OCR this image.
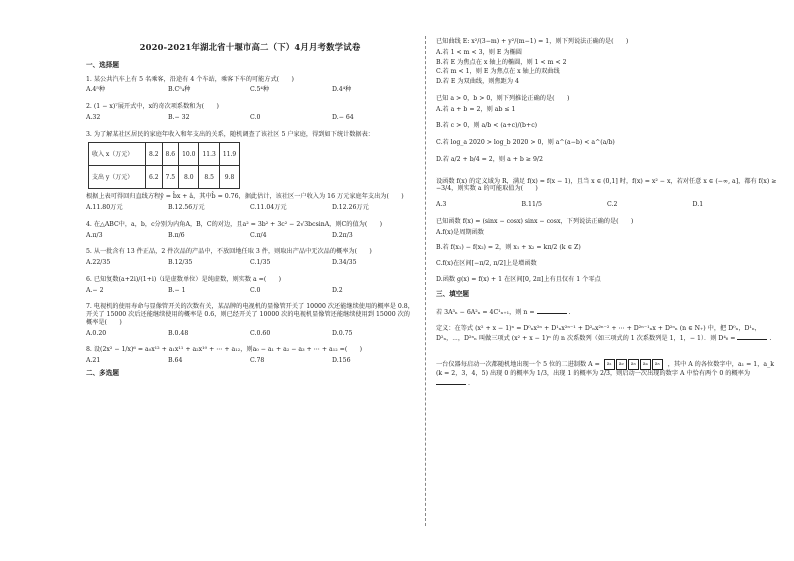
2020-2021年湖北省十堰市高二（下）4月月考数学试卷
一、选择题
1. 某公共汽车上有 5 名乘客，沿途有 4 个车站，乘客下车的可能方式(　　)
A.4⁵种	B.C⁵₄种	C.5⁴种	D.4⁴种
2. (1 − x)⁷展开式中，x的奇次项系数和为(　　)
A.32	B.− 32	C.0	D.− 64
3. 为了解某社区居民的家庭年收入和年支出的关系，随机调查了该社区 5 户家庭，得到如下统计数据表：
收入 x（万元）	8.2	8.6	10.0	11.3	11.9
支出 y（万元）	6.2	7.5	8.0	8.5	9.8
根据上表可得回归直线方程ŷ = b̂x + â，其中b̂ = 0.76，据此估计，该社区一户收入为 16 万元家庭年支出为(　　)
A.11.80万元	B.12.56万元	C.11.04万元	D.12.26万元
4. 在△ABC中，a，b，c分别为内角A，B，C的对边，且a² = 3b² + 3c² − 2√3bcsinA，则C的值为(　　)
A.π/3	B.π/6	C.π/4	D.2π/3
5. 从一批含有 13 件正品，2 件次品的产品中，不放回地任取 3 件，则取出产品中无次品的概率为(　　)
A.22/35	B.12/35	C.1/35	D.34/35
6. 已知复数(a+2i)/(1+i)（i是虚数单位）是纯虚数，则实数 a =(　　)
A.− 2	B.− 1	C.0	D.2
7. 电视机的使用寿命与显像管开关的次数有关，某品牌的电视机的显像管开关了 10000 次还能继续使用的概率是 0.8，开关了 15000 次后还能继续使用的概率是 0.6，则已经开关了 10000 次的电视机显像管还能继续使用到 15000 次的概率是(　　)
A.0.20	B.0.48	C.0.60	D.0.75
8. 设(2x² − 1/x)⁶ = a₀x¹² + a₁x¹¹ + a₂x¹⁰ + ⋯ + a₁₂，则a₀ − a₁ + a₂ − a₃ + ⋯ + a₁₂ =(　　)
A.21	B.64	C.78	D.156
二、多选题
已知曲线 E: x²/(3−m) + y²/(m−1) = 1，则下列说法正确的是(　　)
A.若 1 < m < 3，则 E 为椭圆
B.若 E 为焦点在 x 轴上的椭圆，则 1 < m < 2
C.若 m < 1，则 E 为焦点在 x 轴上的双曲线
D.若 E 为双曲线，则焦距为 4
已知 a > 0，b > 0，则下列推论正确的是(　　)
A.若 a + b = 2，则 ab ≤ 1
B.若 c > 0，则 a/b < (a+c)/(b+c)
C.若 log_a 2020 > log_b 2020 > 0，则 a^(a−b) < a^(a/b)
D.若 a/2 + b/4 = 2，则 a + b ≥ 9/2
设函数 f(x) 的定义域为 R，满足 f(x) = f(x − 1)，且当 x ∈ (0,1] 时，f(x) = x² − x，若对任意 x ∈ (−∞, a]，都有 f(x) ≥ −3/4，则实数 a 的可能取值为(　　)
A.3	B.11/5	C.2	D.1
已知函数 f(x) = (sinx − cosx) sinx − cosx，下列说法正确的是(　　)
A.f(x)是周期函数
B.若 f(x₁) − f(x₂) = 2，则 x₁ + x₂ = kπ/2 (k ∈ Z)
C.f(x)在区间[−π/2, π/2]上是增函数
D.函数 g(x) = f(x) + 1 在区间[0, 2π]上有且仅有 1 个零点
三、填空题
若 3A³ₙ − 6A²ₙ = 4C¹ₙ₊₁，则 n =	.
定义：在等式 (x² + x − 1)ⁿ = D⁰ₙx²ⁿ + D¹ₙx²ⁿ⁻¹ + D²ₙx²ⁿ⁻² + ⋯ + D²ⁿ⁻¹ₙx + D²ⁿₙ (n ∈ N₊) 中，把 D⁰ₙ，D¹ₙ，D²ₙ，⋯，D²ⁿₙ 叫做三项式 (x² + x − 1)ⁿ 的 n 次系数列（如三项式的 1 次系数列是 1，1，− 1）．则 D⁴₆ =	.
一台仪器每启动一次都随机地出现一个 5 位的二进制数 A =	a₁	a₂	a₃	a₄	a₅	，其中 A 的各位数字中，a₁ = 1，a_k (k = 2，3，4，5) 出现 0 的概率为 1/3，出现 1 的概率为 2/3，则启动一次出现的数字 A 中恰有两个 0 的概率为  .
